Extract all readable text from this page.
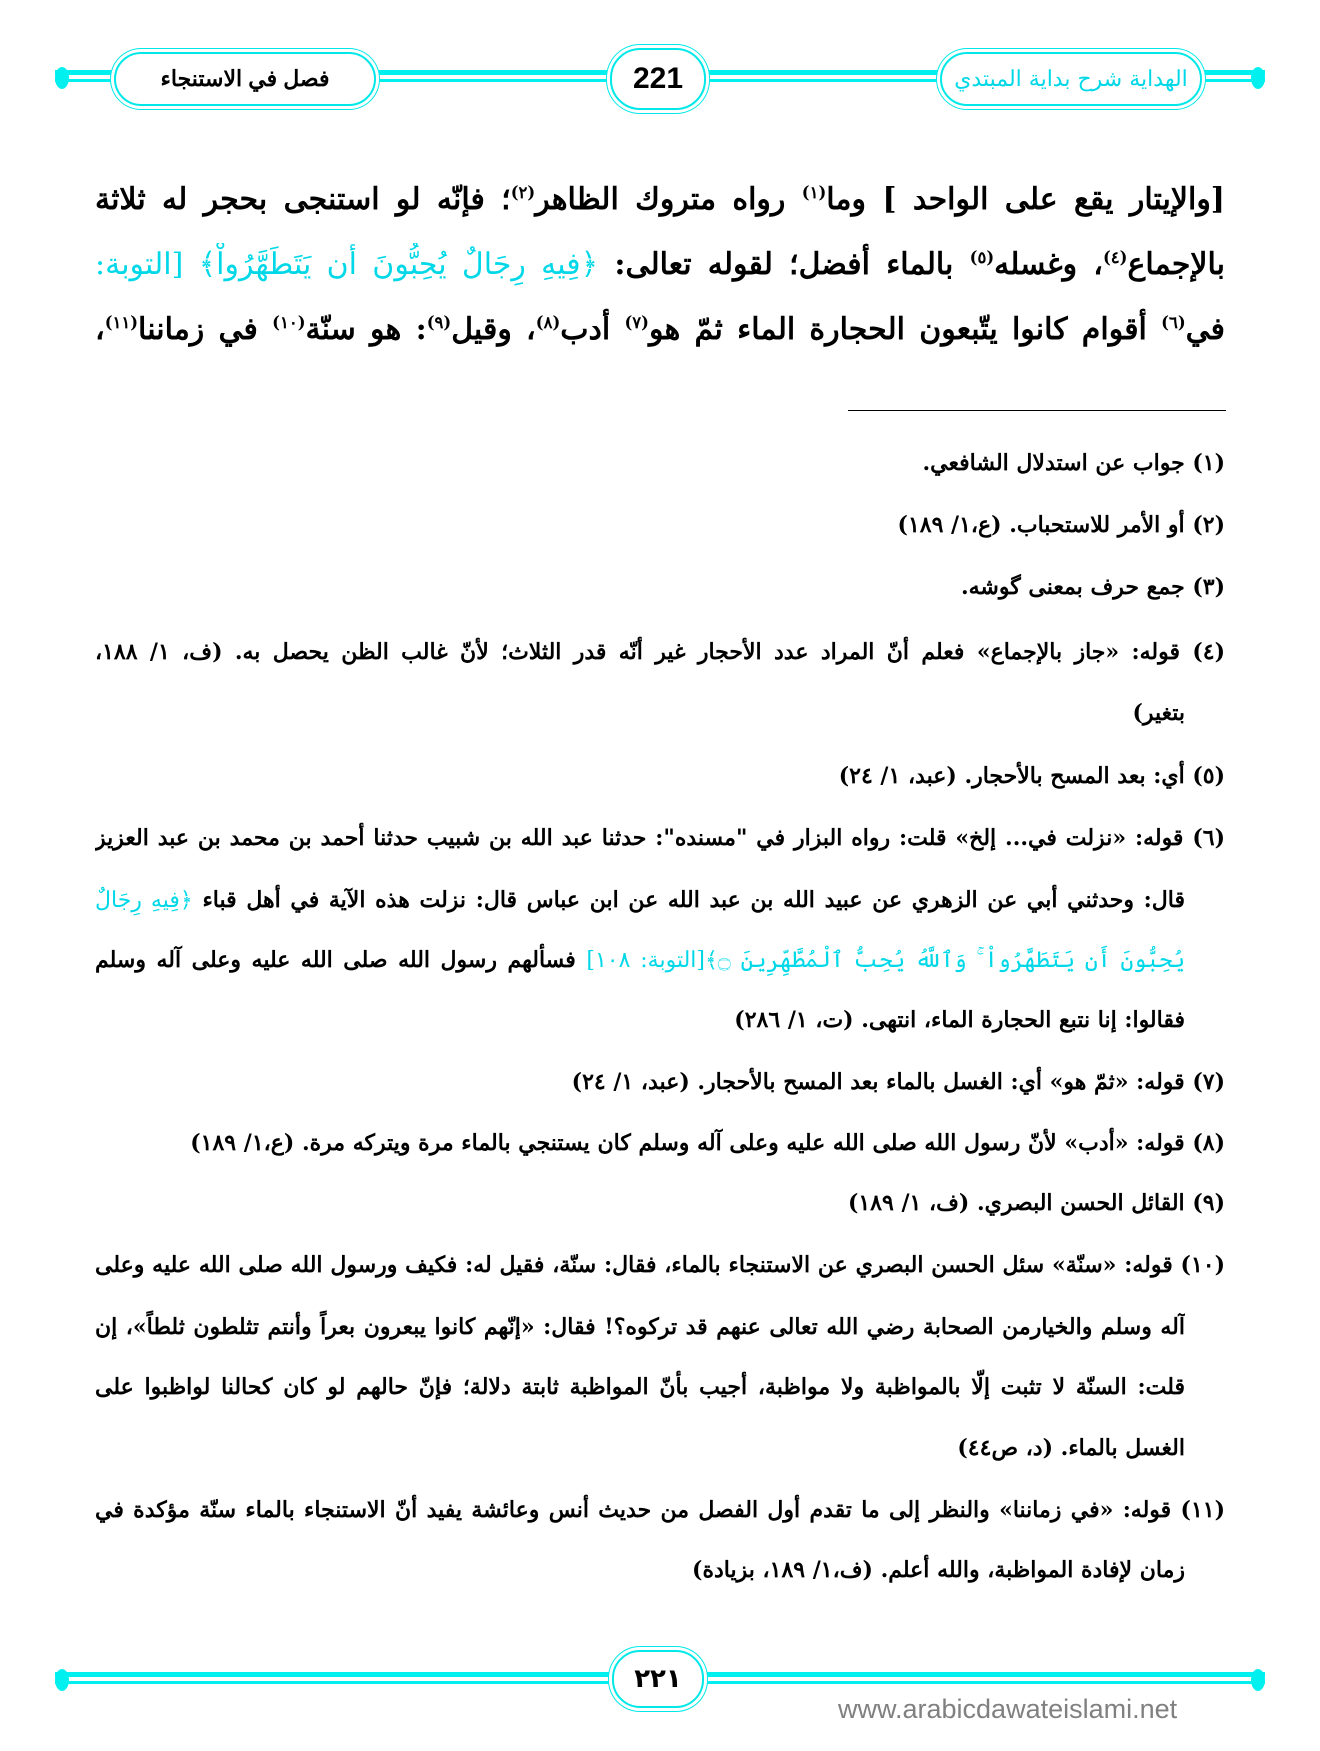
فصل في الاستنجاء	221	الهداية شرح بداية المبتدي
[والإيتار يقع على الواحد ] وما$^{(١)}$ رواه متروك الظاهر$^{(٢)}$؛ فإنّه لو استنجى بحجر له ثلاثة
بالإجماع$^{(٤)}$، وغسله$^{(٥)}$ بالماء أفضل؛ لقوله تعالى: ﴿فِيهِ رِجَالٌ يُحِبُّونَ أَن يَتَطَهَّرُواْ﴾ [التوبة:
في$^{(٦)}$ أقوام كانوا يتّبعون الحجارة الماء ثمّ هو$^{(٧)}$ أدب$^{(٨)}$، وقيل$^{(٩)}$: هو سنّة$^{(١٠)}$ في زماننا$^{(١١)}$،
(١) جواب عن استدلال الشافعي.
(٢) أو الأمر للاستحباب. (ع،١/ ١٨٩)
(٣) جمع حرف بمعنى گوشه.
(٤) قوله: «جاز بالإجماع» فعلم أنّ المراد عدد الأحجار غير أنّه قدر الثلاث؛ لأنّ غالب الظن يحصل به. (ف، ١/ ١٨٨،
بتغير)
(٥) أي: بعد المسح بالأحجار. (عبد، ١/ ٢٤)
(٦) قوله: «نزلت في... إلخ» قلت: رواه البزار في "مسنده": حدثنا عبد الله بن شبيب حدثنا أحمد بن محمد بن عبد العزيز
قال: وحدثني أبي عن الزهري عن عبيد الله بن عبد الله عن ابن عباس قال: نزلت هذه الآية في أهل قباء ﴿فِيهِ رِجَالٌ
يُحِبُّونَ أَن يَتَطَهَّرُواْ ۚ وَٱللَّهُ يُحِبُّ ٱلْمُطَّهِّرِينَ ۝﴾[التوبة: ١٠٨] فسألهم رسول الله صلى الله عليه وعلى آله وسلم
فقالوا: إنا نتبع الحجارة الماء، انتهى. (ت، ١/ ٢٨٦)
(٧) قوله: «ثمّ هو» أي: الغسل بالماء بعد المسح بالأحجار. (عبد، ١/ ٢٤)
(٨) قوله: «أدب» لأنّ رسول الله صلى الله عليه وعلى آله وسلم كان يستنجي بالماء مرة ويتركه مرة. (ع،١/ ١٨٩)
(٩) القائل الحسن البصري. (ف، ١/ ١٨٩)
(١٠) قوله: «سنّة» سئل الحسن البصري عن الاستنجاء بالماء، فقال: سنّة، فقيل له: فكيف ورسول الله صلى الله عليه وعلى
آله وسلم والخيارمن الصحابة رضي الله تعالى عنهم قد تركوه؟! فقال: «إنّهم كانوا يبعرون بعراً وأنتم تثلطون ثلطاً»، إن
قلت: السنّة لا تثبت إلّا بالمواظبة ولا مواظبة، أجيب بأنّ المواظبة ثابتة دلالة؛ فإنّ حالهم لو كان كحالنا لواظبوا على
الغسل بالماء. (د، ص٤٤)
(١١) قوله: «في زماننا» والنظر إلى ما تقدم أول الفصل من حديث أنس وعائشة يفيد أنّ الاستنجاء بالماء سنّة مؤكدة في
زمان لإفادة المواظبة، والله أعلم. (ف،١/ ١٨٩، بزيادة)
٢٢١
www.arabicdawateislami.net
